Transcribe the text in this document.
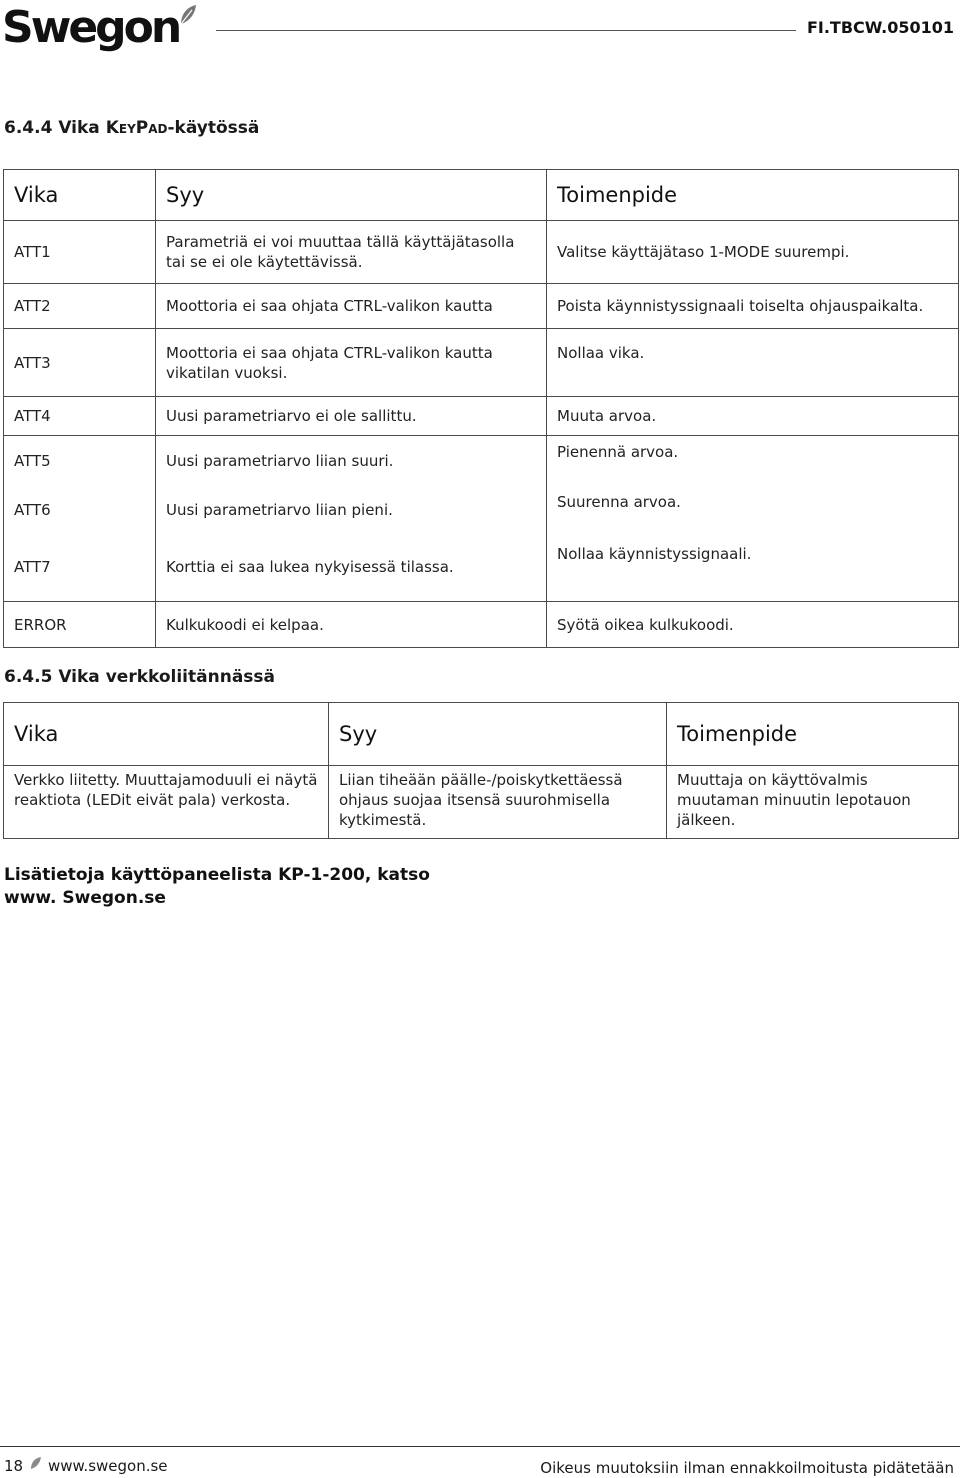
Swegon	FI.TBCW.050101
6.4.4 Vika KeyPad-käytössä
Vika	Syy	Toimenpide
ATT1	Parametriä ei voi muuttaa tällä käyttäjätasolla tai se ei ole käytettävissä.	Valitse käyttäjätaso 1-MODE suurempi.
ATT2	Moottoria ei saa ohjata CTRL-valikon kautta	Poista käynnistyssignaali toiselta ohjauspaikalta.
ATT3	Moottoria ei saa ohjata CTRL-valikon kautta vikatilan vuoksi.	Nollaa vika.
ATT4	Uusi parametriarvo ei ole sallittu.	Muuta arvoa.
ATT5	Uusi parametriarvo liian suuri.	Pienennä arvoa.
ATT6	Uusi parametriarvo liian pieni.	Suurenna arvoa.
ATT7	Korttia ei saa lukea nykyisessä tilassa.	Nollaa käynnistyssignaali.
ERROR	Kulkukoodi ei kelpaa.	Syötä oikea kulkukoodi.
6.4.5 Vika verkkoliitännässä
Vika	Syy	Toimenpide
Verkko liitetty. Muuttajamoduuli ei näytä reaktiota (LEDit eivät pala) verkosta.	Liian tiheään päälle-/poiskytkettäessä ohjaus suojaa itsensä suurohmisella kytkimestä.	Muuttaja on käyttövalmis muutaman minuutin lepotauon jälkeen.
Lisätietoja käyttöpaneelista KP-1-200, katso www. Swegon.se
18 www.swegon.se	Oikeus muutoksiin ilman ennakkoilmoitusta pidätetään
